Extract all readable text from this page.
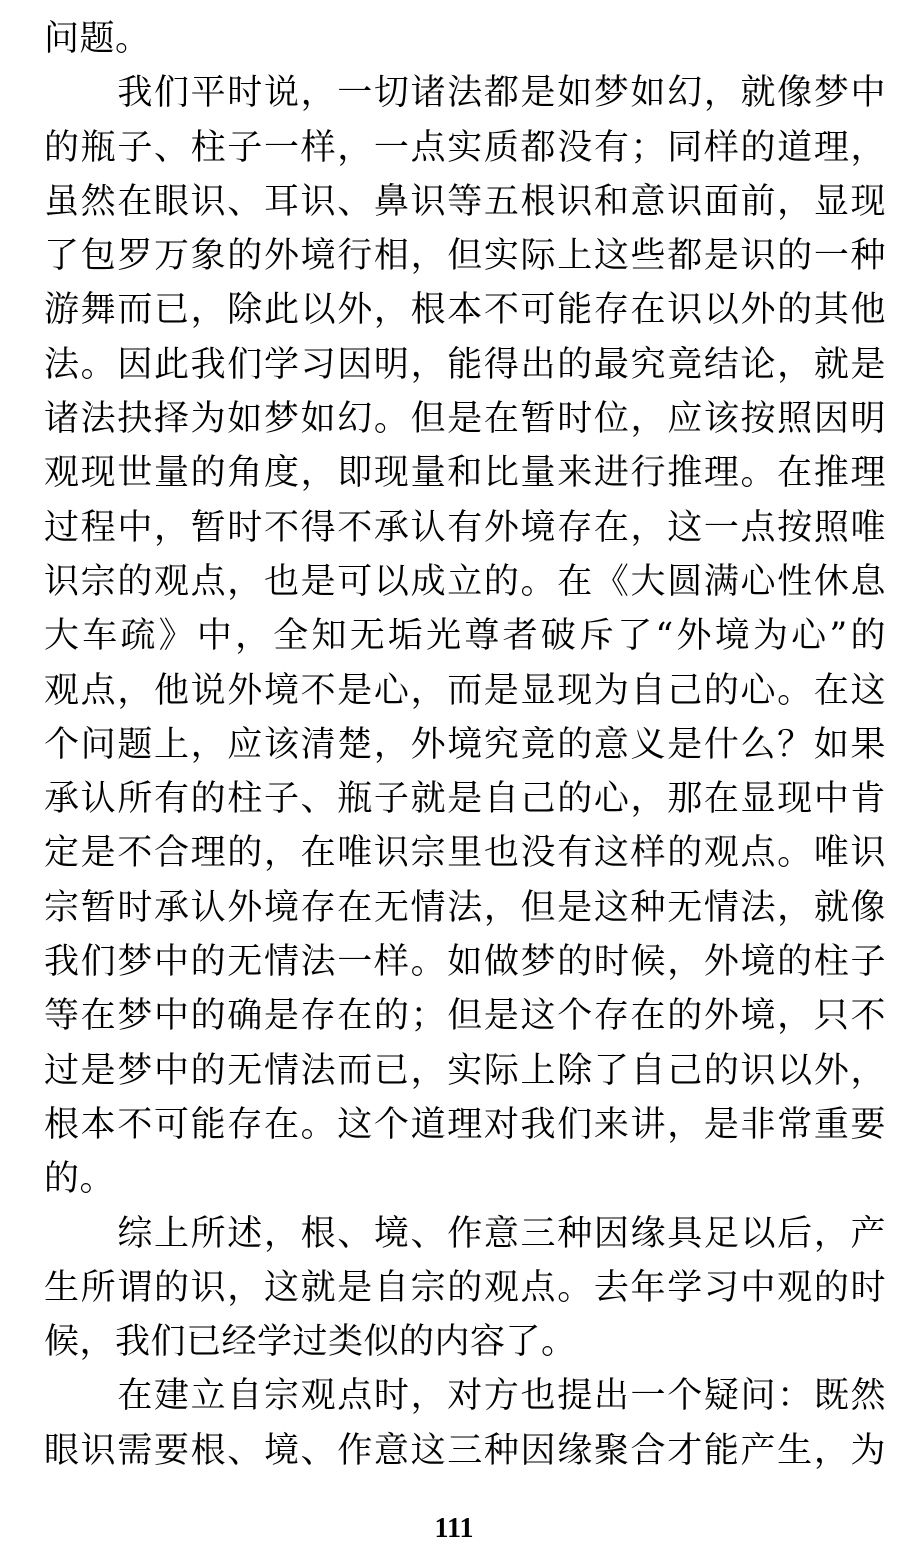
问题。
　　我们平时说，一切诸法都是如梦如幻，就像梦中
的瓶子、柱子一样，一点实质都没有；同样的道理，
虽然在眼识、耳识、鼻识等五根识和意识面前，显现
了包罗万象的外境行相，但实际上这些都是识的一种
游舞而已，除此以外，根本不可能存在识以外的其他
法。因此我们学习因明，能得出的最究竟结论，就是
诸法抉择为如梦如幻。但是在暂时位，应该按照因明
观现世量的角度，即现量和比量来进行推理。在推理
过程中，暂时不得不承认有外境存在，这一点按照唯
识宗的观点，也是可以成立的。在《大圆满心性休息
大车疏》中，全知无垢光尊者破斥了“外境为心”的
观点，他说外境不是心，而是显现为自己的心。在这
个问题上，应该清楚，外境究竟的意义是什么？如果
承认所有的柱子、瓶子就是自己的心，那在显现中肯
定是不合理的，在唯识宗里也没有这样的观点。唯识
宗暂时承认外境存在无情法，但是这种无情法，就像
我们梦中的无情法一样。如做梦的时候，外境的柱子
等在梦中的确是存在的；但是这个存在的外境，只不
过是梦中的无情法而已，实际上除了自己的识以外，
根本不可能存在。这个道理对我们来讲，是非常重要
的。
　　综上所述，根、境、作意三种因缘具足以后，产
生所谓的识，这就是自宗的观点。去年学习中观的时
候，我们已经学过类似的内容了。
　　在建立自宗观点时，对方也提出一个疑问：既然
眼识需要根、境、作意这三种因缘聚合才能产生，为
111
